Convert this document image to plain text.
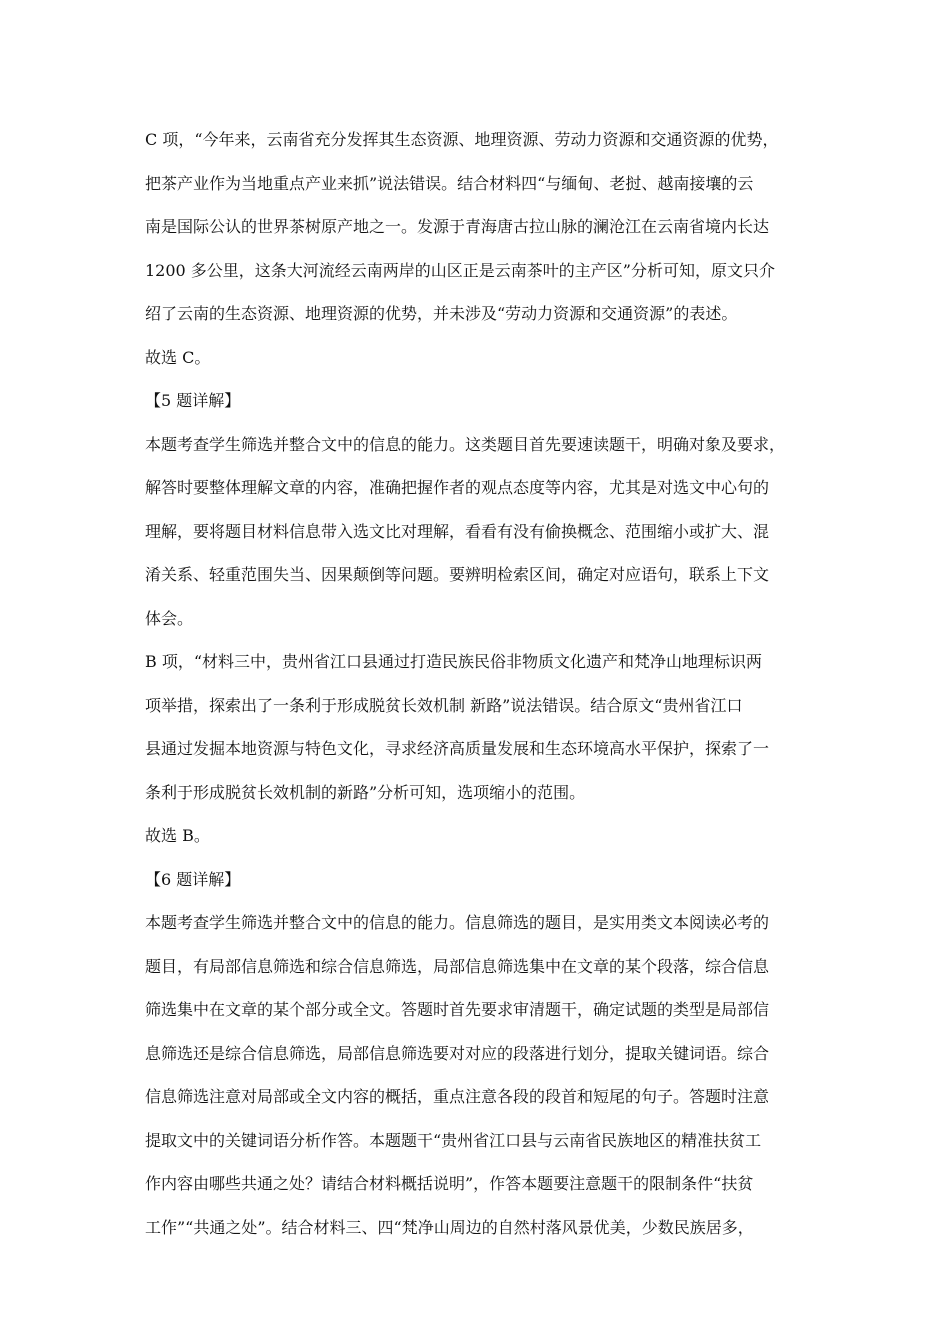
C 项，“今年来，云南省充分发挥其生态资源、地理资源、劳动力资源和交通资源的优势，
把茶产业作为当地重点产业来抓”说法错误。结合材料四“与缅甸、老挝、越南接壤的云
南是国际公认的世界茶树原产地之一。发源于青海唐古拉山脉的澜沧江在云南省境内长达
1200 多公里，这条大河流经云南两岸的山区正是云南茶叶的主产区”分析可知，原文只介
绍了云南的生态资源、地理资源的优势，并未涉及“劳动力资源和交通资源”的表述。
故选 C。
【5 题详解】
本题考查学生筛选并整合文中的信息的能力。这类题目首先要速读题干，明确对象及要求，
解答时要整体理解文章的内容，准确把握作者的观点态度等内容，尤其是对选文中心句的
理解，要将题目材料信息带入选文比对理解，看看有没有偷换概念、范围缩小或扩大、混
淆关系、轻重范围失当、因果颠倒等问题。要辨明检索区间，确定对应语句，联系上下文
体会。
B 项，“材料三中，贵州省江口县通过打造民族民俗非物质文化遗产和梵净山地理标识两
项举措，探索出了一条利于形成脱贫长效机制 新路”说法错误。结合原文“贵州省江口
县通过发掘本地资源与特色文化，寻求经济高质量发展和生态环境高水平保护，探索了一
条利于形成脱贫长效机制的新路”分析可知，选项缩小的范围。
故选 B。
【6 题详解】
本题考查学生筛选并整合文中的信息的能力。信息筛选的题目，是实用类文本阅读必考的
题目，有局部信息筛选和综合信息筛选，局部信息筛选集中在文章的某个段落，综合信息
筛选集中在文章的某个部分或全文。答题时首先要求审清题干，确定试题的类型是局部信
息筛选还是综合信息筛选，局部信息筛选要对对应的段落进行划分，提取关键词语。综合
信息筛选注意对局部或全文内容的概括，重点注意各段的段首和短尾的句子。答题时注意
提取文中的关键词语分析作答。本题题干“贵州省江口县与云南省民族地区的精准扶贫工
作内容由哪些共通之处？请结合材料概括说明”，作答本题要注意题干的限制条件“扶贫
工作”“共通之处”。结合材料三、四“梵净山周边的自然村落风景优美，少数民族居多，
